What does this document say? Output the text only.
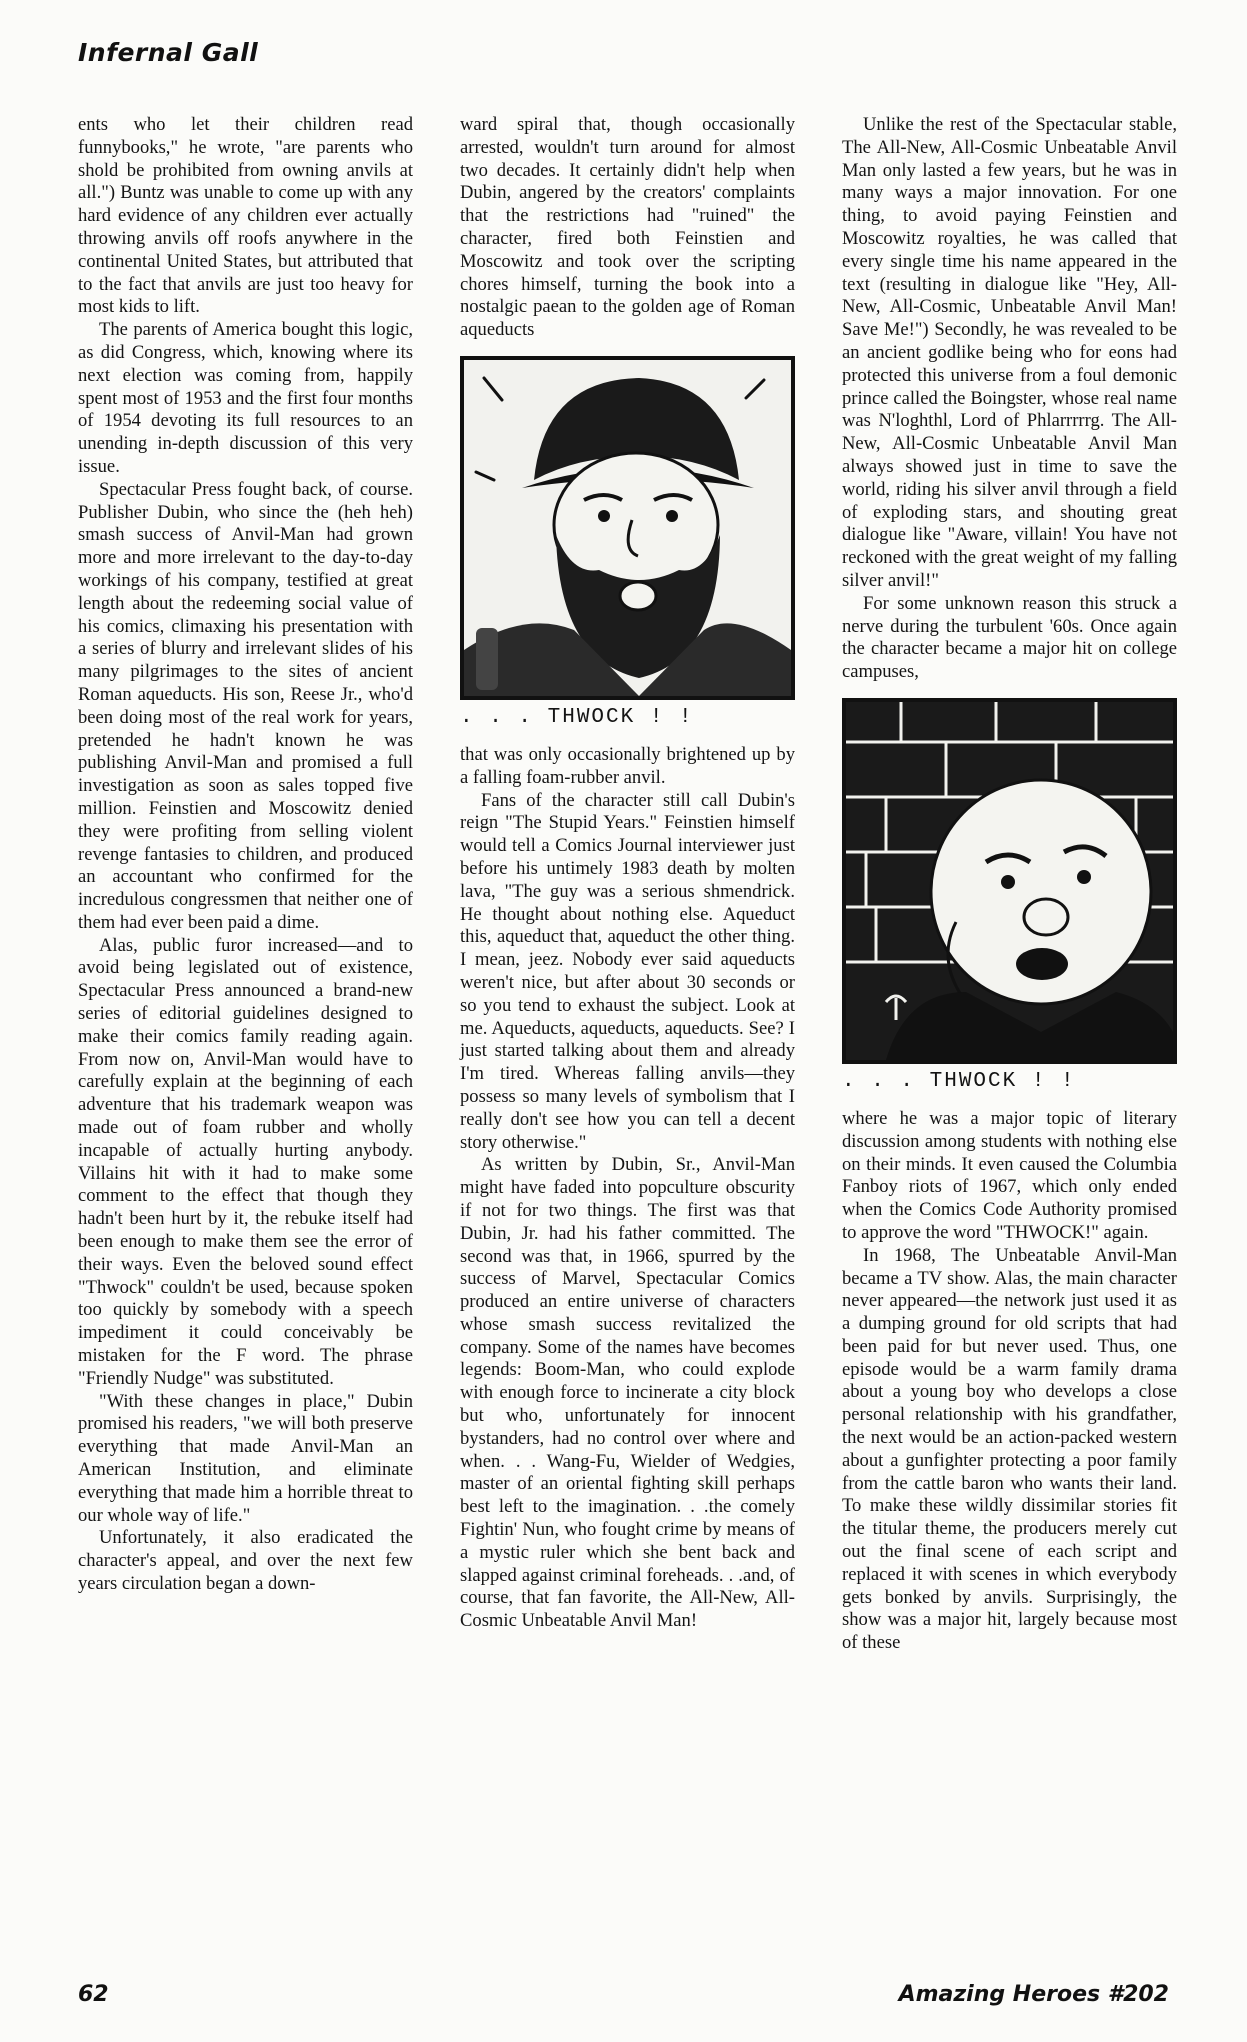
Infernal Gall

ents who let their children read funnybooks," he wrote, "are parents who shold be prohibited from owning anvils at all.") Buntz was unable to come up with any hard evidence of any children ever actually throwing anvils off roofs anywhere in the continental United States, but attributed that to the fact that anvils are just too heavy for most kids to lift.

The parents of America bought this logic, as did Congress, which, knowing where its next election was coming from, happily spent most of 1953 and the first four months of 1954 devoting its full resources to an unending in-depth discussion of this very issue.

Spectacular Press fought back, of course. Publisher Dubin, who since the (heh heh) smash success of Anvil-Man had grown more and more irrelevant to the day-to-day workings of his company, testified at great length about the redeeming social value of his comics, climaxing his presentation with a series of blurry and irrelevant slides of his many pilgrimages to the sites of ancient Roman aqueducts. His son, Reese Jr., who'd been doing most of the real work for years, pretended he hadn't known he was publishing Anvil-Man and promised a full investigation as soon as sales topped five million. Feinstien and Moscowitz denied they were profiting from selling violent revenge fantasies to children, and produced an accountant who confirmed for the incredulous congressmen that neither one of them had ever been paid a dime.

Alas, public furor increased—and to avoid being legislated out of existence, Spectacular Press announced a brand-new series of editorial guidelines designed to make their comics family reading again. From now on, Anvil-Man would have to carefully explain at the beginning of each adventure that his trademark weapon was made out of foam rubber and wholly incapable of actually hurting anybody. Villains hit with it had to make some comment to the effect that though they hadn't been hurt by it, the rebuke itself had been enough to make them see the error of their ways. Even the beloved sound effect "Thwock" couldn't be used, because spoken too quickly by somebody with a speech impediment it could conceivably be mistaken for the F word. The phrase "Friendly Nudge" was substituted.

"With these changes in place," Dubin promised his readers, "we will both preserve everything that made Anvil-Man an American Institution, and eliminate everything that made him a horrible threat to our whole way of life."

Unfortunately, it also eradicated the character's appeal, and over the next few years circulation began a down-

ward spiral that, though occasionally arrested, wouldn't turn around for almost two decades. It certainly didn't help when Dubin, angered by the creators' complaints that the restrictions had "ruined" the character, fired both Feinstien and Moscowitz and took over the scripting chores himself, turning the book into a nostalgic paean to the golden age of Roman aqueducts

. . . THWOCK ! !

that was only occasionally brightened up by a falling foam-rubber anvil.

Fans of the character still call Dubin's reign "The Stupid Years." Feinstien himself would tell a Comics Journal interviewer just before his untimely 1983 death by molten lava, "The guy was a serious shmendrick. He thought about nothing else. Aqueduct this, aqueduct that, aqueduct the other thing. I mean, jeez. Nobody ever said aqueducts weren't nice, but after about 30 seconds or so you tend to exhaust the subject. Look at me. Aqueducts, aqueducts, aqueducts. See? I just started talking about them and already I'm tired. Whereas falling anvils—they possess so many levels of symbolism that I really don't see how you can tell a decent story otherwise."

As written by Dubin, Sr., Anvil-Man might have faded into popculture obscurity if not for two things. The first was that Dubin, Jr. had his father committed. The second was that, in 1966, spurred by the success of Marvel, Spectacular Comics produced an entire universe of characters whose smash success revitalized the company. Some of the names have becomes legends: Boom-Man, who could explode with enough force to incinerate a city block but who, unfortunately for innocent bystanders, had no control over where and when. . . Wang-Fu, Wielder of Wedgies, master of an oriental fighting skill perhaps best left to the imagination. . .the comely Fightin' Nun, who fought crime by means of a mystic ruler which she bent back and slapped against criminal foreheads. . .and, of course, that fan favorite, the All-New, All-Cosmic Unbeatable Anvil Man!

Unlike the rest of the Spectacular stable, The All-New, All-Cosmic Unbeatable Anvil Man only lasted a few years, but he was in many ways a major innovation. For one thing, to avoid paying Feinstien and Moscowitz royalties, he was called that every single time his name appeared in the text (resulting in dialogue like "Hey, All-New, All-Cosmic, Unbeatable Anvil Man! Save Me!") Secondly, he was revealed to be an ancient godlike being who for eons had protected this universe from a foul demonic prince called the Boingster, whose real name was N'loghthl, Lord of Phlarrrrrg. The All-New, All-Cosmic Unbeatable Anvil Man always showed just in time to save the world, riding his silver anvil through a field of exploding stars, and shouting great dialogue like "Aware, villain! You have not reckoned with the great weight of my falling silver anvil!"

For some unknown reason this struck a nerve during the turbulent '60s. Once again the character became a major hit on college campuses,

. . . THWOCK ! !

where he was a major topic of literary discussion among students with nothing else on their minds. It even caused the Columbia Fanboy riots of 1967, which only ended when the Comics Code Authority promised to approve the word "THWOCK!" again.

In 1968, The Unbeatable Anvil-Man became a TV show. Alas, the main character never appeared—the network just used it as a dumping ground for old scripts that had been paid for but never used. Thus, one episode would be a warm family drama about a young boy who develops a close personal relationship with his grandfather, the next would be an action-packed western about a gunfighter protecting a poor family from the cattle baron who wants their land. To make these wildly dissimilar stories fit the titular theme, the producers merely cut out the final scene of each script and replaced it with scenes in which everybody gets bonked by anvils. Surprisingly, the show was a major hit, largely because most of these

62	Amazing Heroes #202
